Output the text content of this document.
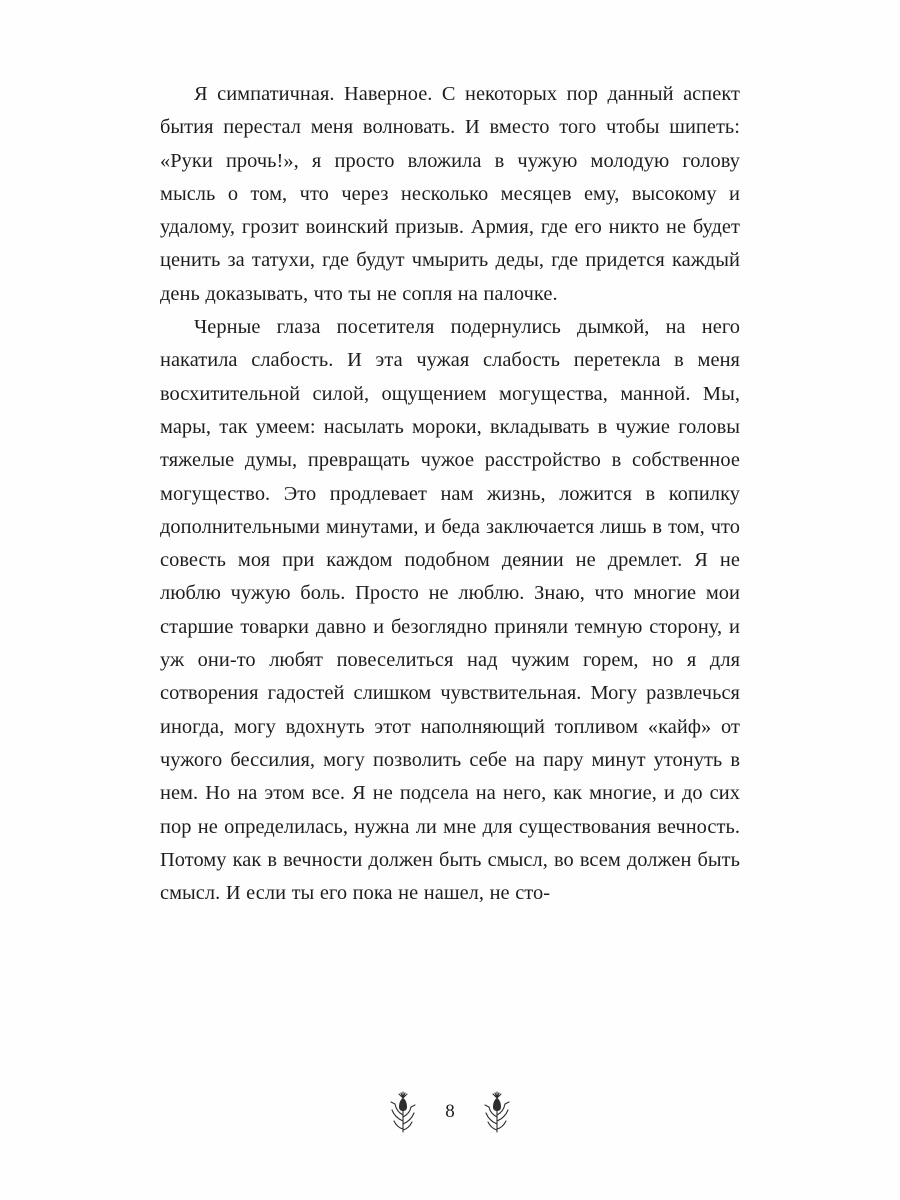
Я симпатичная. Наверное. С некоторых пор данный аспект бытия перестал меня волновать. И вместо того чтобы шипеть: «Руки прочь!», я просто вложила в чужую молодую голову мысль о том, что через несколько месяцев ему, высокому и удалому, грозит воинский призыв. Армия, где его никто не будет ценить за татухи, где будут чмырить деды, где придется каждый день доказывать, что ты не сопля на палочке.

Черные глаза посетителя подернулись дымкой, на него накатила слабость. И эта чужая слабость перетекла в меня восхитительной силой, ощущением могущества, манной. Мы, мары, так умеем: насылать мороки, вкладывать в чужие головы тяжелые думы, превращать чужое расстройство в собственное могущество. Это продлевает нам жизнь, ложится в копилку дополнительными минутами, и беда заключается лишь в том, что совесть моя при каждом подобном деянии не дремлет. Я не люблю чужую боль. Просто не люблю. Знаю, что многие мои старшие товарки давно и безоглядно приняли темную сторону, и уж они-то любят повеселиться над чужим горем, но я для сотворения гадостей слишком чувствительная. Могу развлечься иногда, могу вдохнуть этот наполняющий топливом «кайф» от чужого бессилия, могу позволить себе на пару минут утонуть в нем. Но на этом все. Я не подсела на него, как многие, и до сих пор не определилась, нужна ли мне для существования вечность. Потому как в вечности должен быть смысл, во всем должен быть смысл. И если ты его пока не нашел, не сто-

8
